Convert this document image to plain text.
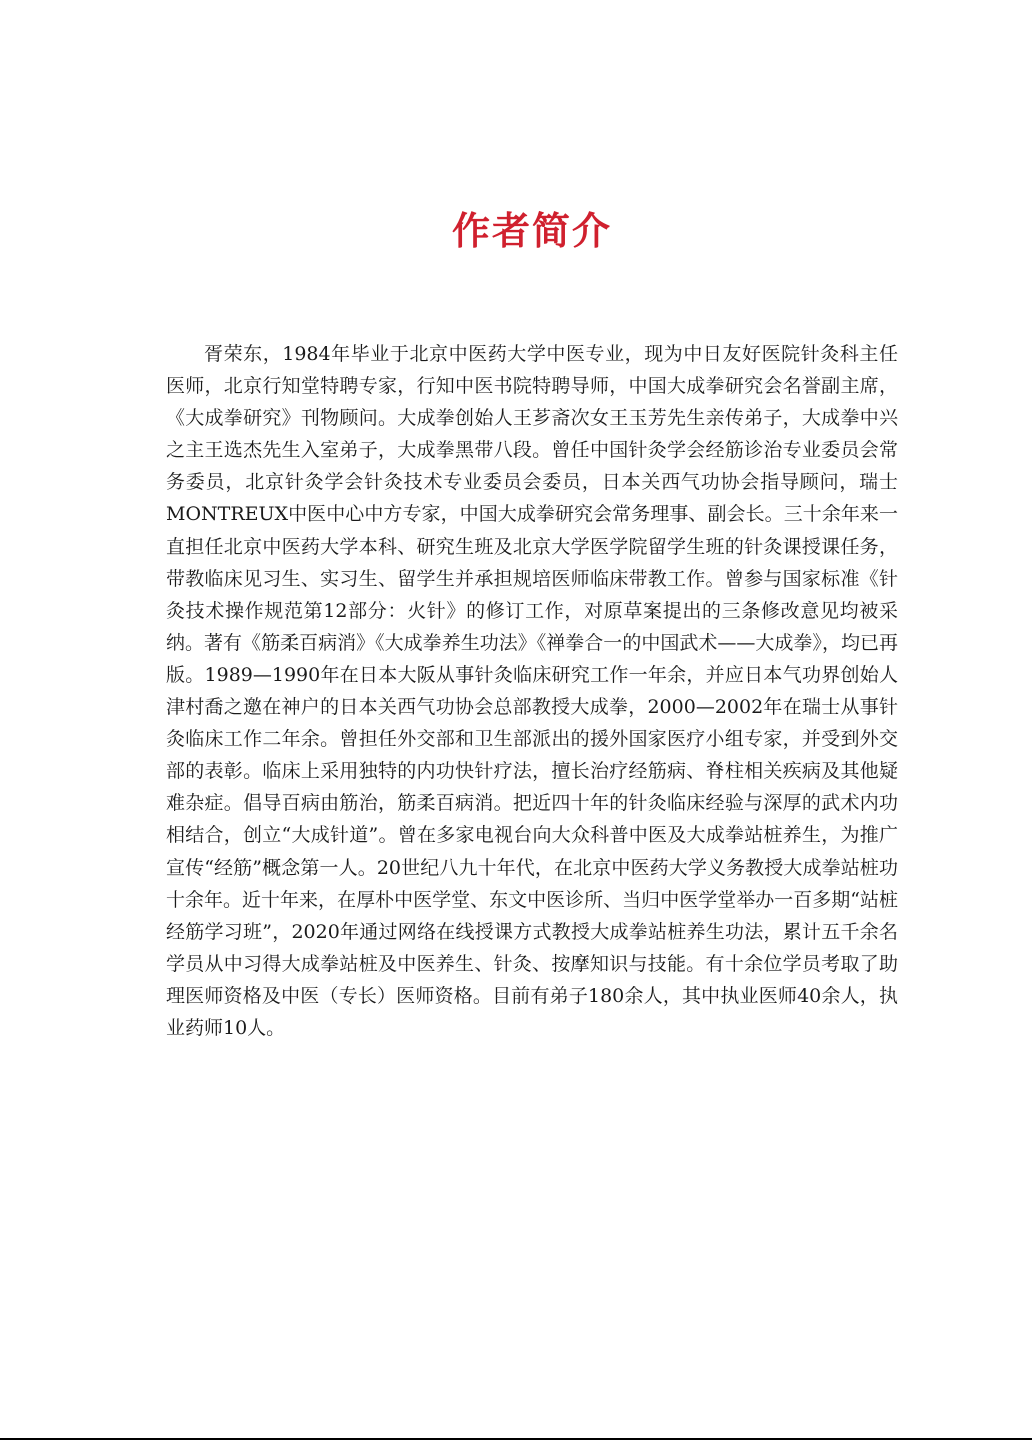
作者简介

胥荣东，1984年毕业于北京中医药大学中医专业，现为中日友好医院针灸科主任医师，北京行知堂特聘专家，行知中医书院特聘导师，中国大成拳研究会名誉副主席，《大成拳研究》刊物顾问。大成拳创始人王芗斋次女王玉芳先生亲传弟子，大成拳中兴之主王选杰先生入室弟子，大成拳黑带八段。曾任中国针灸学会经筋诊治专业委员会常务委员，北京针灸学会针灸技术专业委员会委员，日本关西气功协会指导顾问，瑞士MONTREUX中医中心中方专家，中国大成拳研究会常务理事、副会长。三十余年来一直担任北京中医药大学本科、研究生班及北京大学医学院留学生班的针灸课授课任务，带教临床见习生、实习生、留学生并承担规培医师临床带教工作。曾参与国家标准《针灸技术操作规范第12部分：火针》的修订工作，对原草案提出的三条修改意见均被采纳。著有《筋柔百病消》《大成拳养生功法》《禅拳合一的中国武术——大成拳》，均已再版。1989—1990年在日本大阪从事针灸临床研究工作一年余，并应日本气功界创始人津村喬之邀在神户的日本关西气功协会总部教授大成拳，2000—2002年在瑞士从事针灸临床工作二年余。曾担任外交部和卫生部派出的援外国家医疗小组专家，并受到外交部的表彰。临床上采用独特的内功快针疗法，擅长治疗经筋病、脊柱相关疾病及其他疑难杂症。倡导百病由筋治，筋柔百病消。把近四十年的针灸临床经验与深厚的武术内功相结合，创立“大成针道”。曾在多家电视台向大众科普中医及大成拳站桩养生，为推广宣传“经筋”概念第一人。20世纪八九十年代，在北京中医药大学义务教授大成拳站桩功十余年。近十年来，在厚朴中医学堂、东文中医诊所、当归中医学堂举办一百多期“站桩经筋学习班”，2020年通过网络在线授课方式教授大成拳站桩养生功法，累计五千余名学员从中习得大成拳站桩及中医养生、针灸、按摩知识与技能。有十余位学员考取了助理医师资格及中医（专长）医师资格。目前有弟子180余人，其中执业医师40余人，执业药师10人。
